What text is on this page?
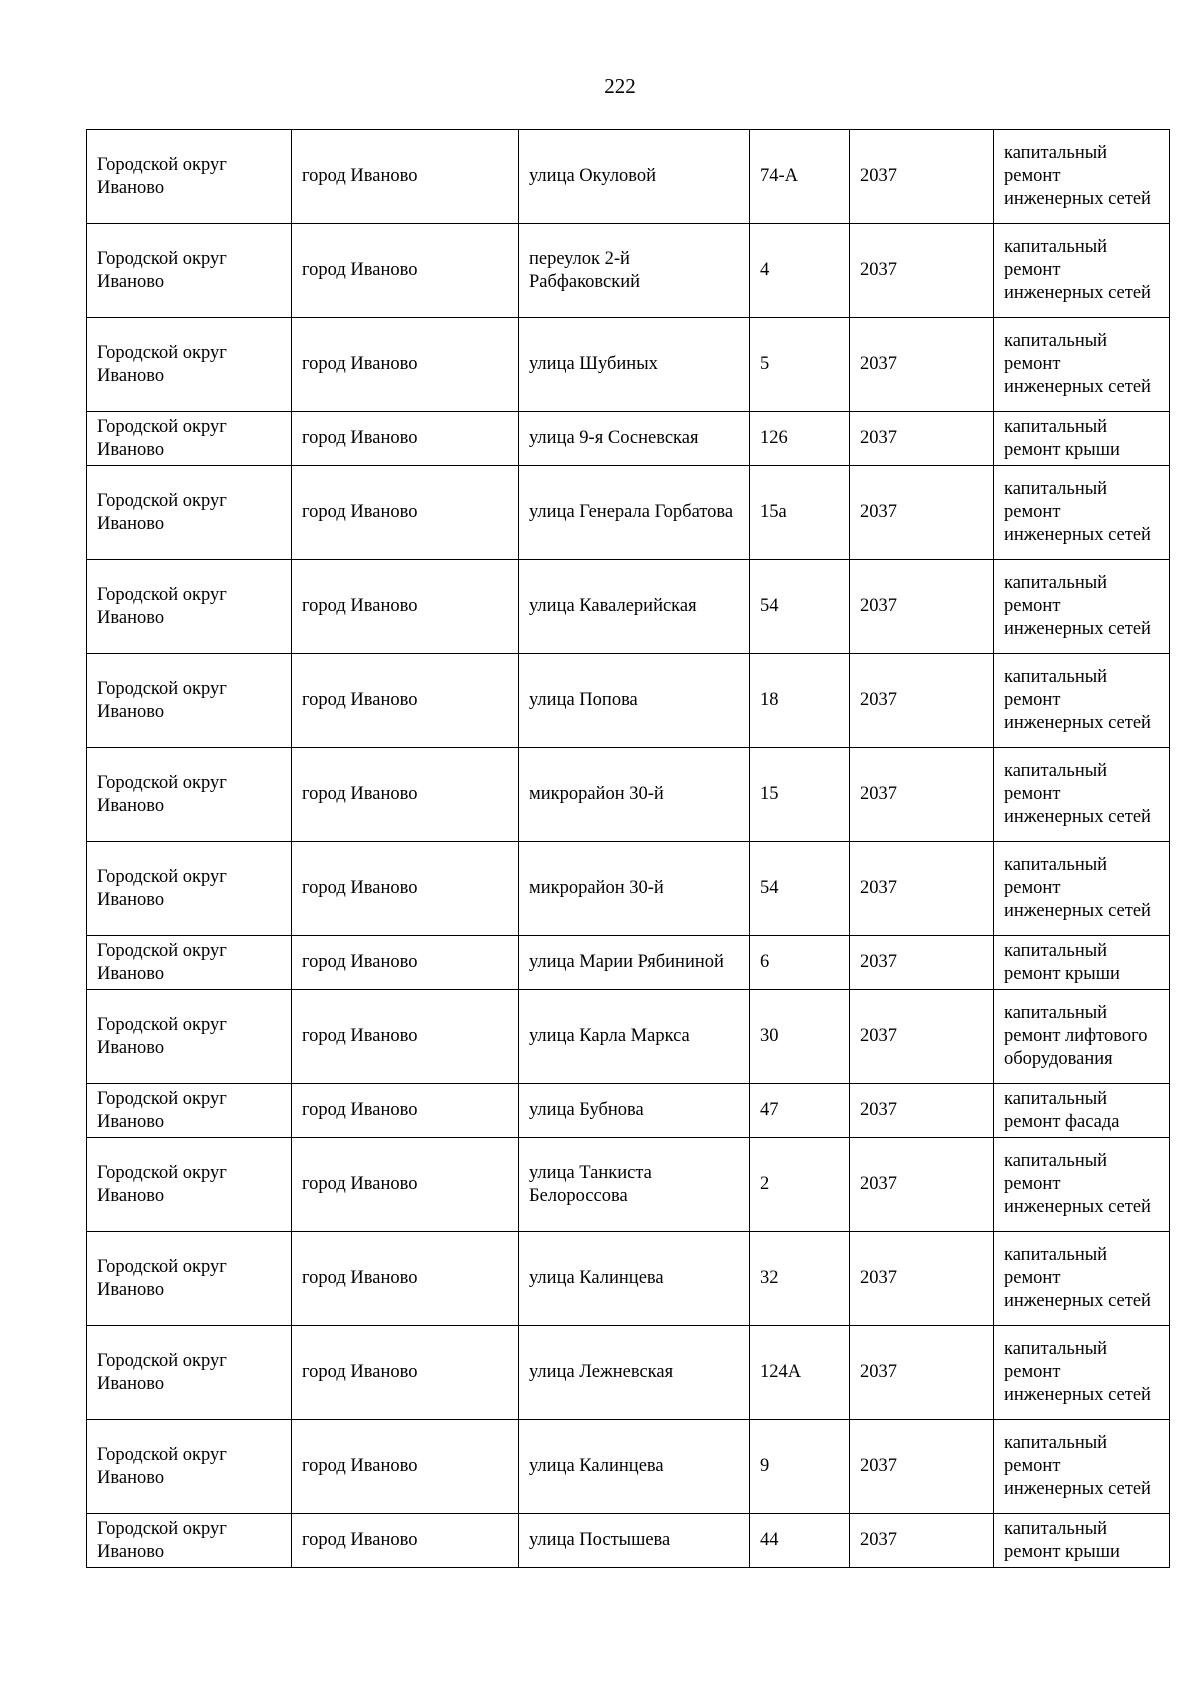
222
Городской округ Иваново	город Иваново	улица Окуловой	74-А	2037	капитальный ремонт инженерных сетей
Городской округ Иваново	город Иваново	переулок 2-й Рабфаковский	4	2037	капитальный ремонт инженерных сетей
Городской округ Иваново	город Иваново	улица Шубиных	5	2037	капитальный ремонт инженерных сетей
Городской округ Иваново	город Иваново	улица 9-я Сосневская	126	2037	капитальный ремонт крыши
Городской округ Иваново	город Иваново	улица Генерала Горбатова	15а	2037	капитальный ремонт инженерных сетей
Городской округ Иваново	город Иваново	улица Кавалерийская	54	2037	капитальный ремонт инженерных сетей
Городской округ Иваново	город Иваново	улица Попова	18	2037	капитальный ремонт инженерных сетей
Городской округ Иваново	город Иваново	микрорайон 30-й	15	2037	капитальный ремонт инженерных сетей
Городской округ Иваново	город Иваново	микрорайон 30-й	54	2037	капитальный ремонт инженерных сетей
Городской округ Иваново	город Иваново	улица Марии Рябининой	6	2037	капитальный ремонт крыши
Городской округ Иваново	город Иваново	улица Карла Маркса	30	2037	капитальный ремонт лифтового оборудования
Городской округ Иваново	город Иваново	улица Бубнова	47	2037	капитальный ремонт фасада
Городской округ Иваново	город Иваново	улица Танкиста Белороссова	2	2037	капитальный ремонт инженерных сетей
Городской округ Иваново	город Иваново	улица Калинцева	32	2037	капитальный ремонт инженерных сетей
Городской округ Иваново	город Иваново	улица Лежневская	124А	2037	капитальный ремонт инженерных сетей
Городской округ Иваново	город Иваново	улица Калинцева	9	2037	капитальный ремонт инженерных сетей
Городской округ Иваново	город Иваново	улица Постышева	44	2037	капитальный ремонт крыши
